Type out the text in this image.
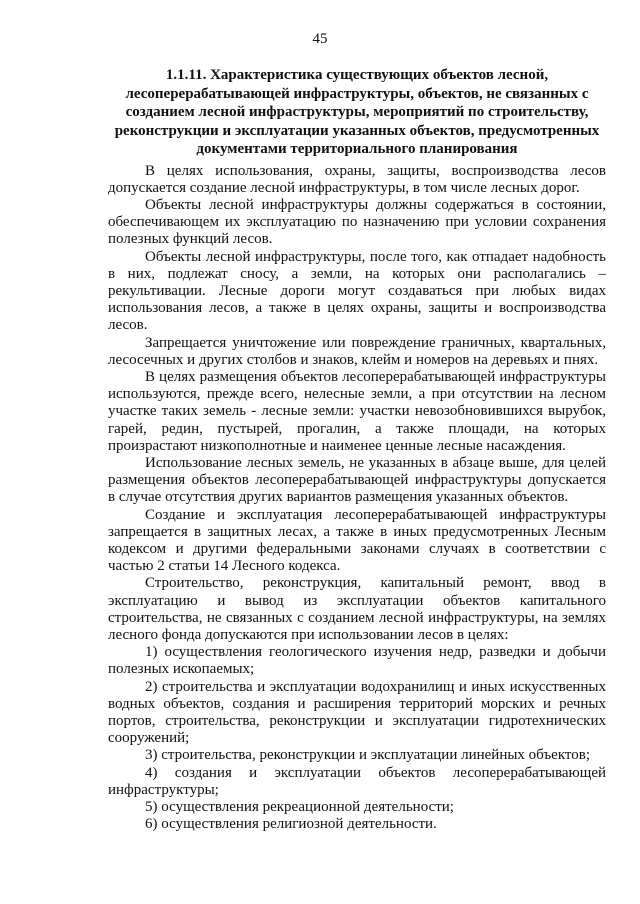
45
1.1.11. Характеристика существующих объектов лесной,
лесоперерабатывающей инфраструктуры, объектов, не связанных с
созданием лесной инфраструктуры, мероприятий по строительству,
реконструкции и эксплуатации указанных объектов, предусмотренных
документами территориального планирования

В целях использования, охраны, защиты, воспроизводства лесов допускается создание лесной инфраструктуры, в том числе лесных дорог.

Объекты лесной инфраструктуры должны содержаться в состоянии, обеспечивающем их эксплуатацию по назначению при условии сохранения полезных функций лесов.

Объекты лесной инфраструктуры, после того, как отпадает надобность в них, подлежат сносу, а земли, на которых они располагались – рекультивации. Лесные дороги могут создаваться при любых видах использования лесов, а также в целях охраны, защиты и воспроизводства лесов.

Запрещается уничтожение или повреждение граничных, квартальных, лесосечных и других столбов и знаков, клейм и номеров на деревьях и пнях.

В целях размещения объектов лесоперерабатывающей инфраструктуры используются, прежде всего, нелесные земли, а при отсутствии на лесном участке таких земель - лесные земли: участки невозобновившихся вырубок, гарей, редин, пустырей, прогалин, а также площади, на которых произрастают низкополнотные и наименее ценные лесные насаждения.

Использование лесных земель, не указанных в абзаце выше, для целей размещения объектов лесоперерабатывающей инфраструктуры допускается в случае отсутствия других вариантов размещения указанных объектов.

Создание и эксплуатация лесоперерабатывающей инфраструктуры запрещается в защитных лесах, а также в иных предусмотренных Лесным кодексом и другими федеральными законами случаях в соответствии с частью 2 статьи 14 Лесного кодекса.

Строительство, реконструкция, капитальный ремонт, ввод в эксплуатацию и вывод из эксплуатации объектов капитального строительства, не связанных с созданием лесной инфраструктуры, на землях лесного фонда допускаются при использовании лесов в целях:

1) осуществления геологического изучения недр, разведки и добычи полезных ископаемых;

2) строительства и эксплуатации водохранилищ и иных искусственных водных объектов, создания и расширения территорий морских и речных портов, строительства, реконструкции и эксплуатации гидротехнических сооружений;

3) строительства, реконструкции и эксплуатации линейных объектов;

4) создания и эксплуатации объектов лесоперерабатывающей инфраструктуры;

5) осуществления рекреационной деятельности;

6) осуществления религиозной деятельности.
